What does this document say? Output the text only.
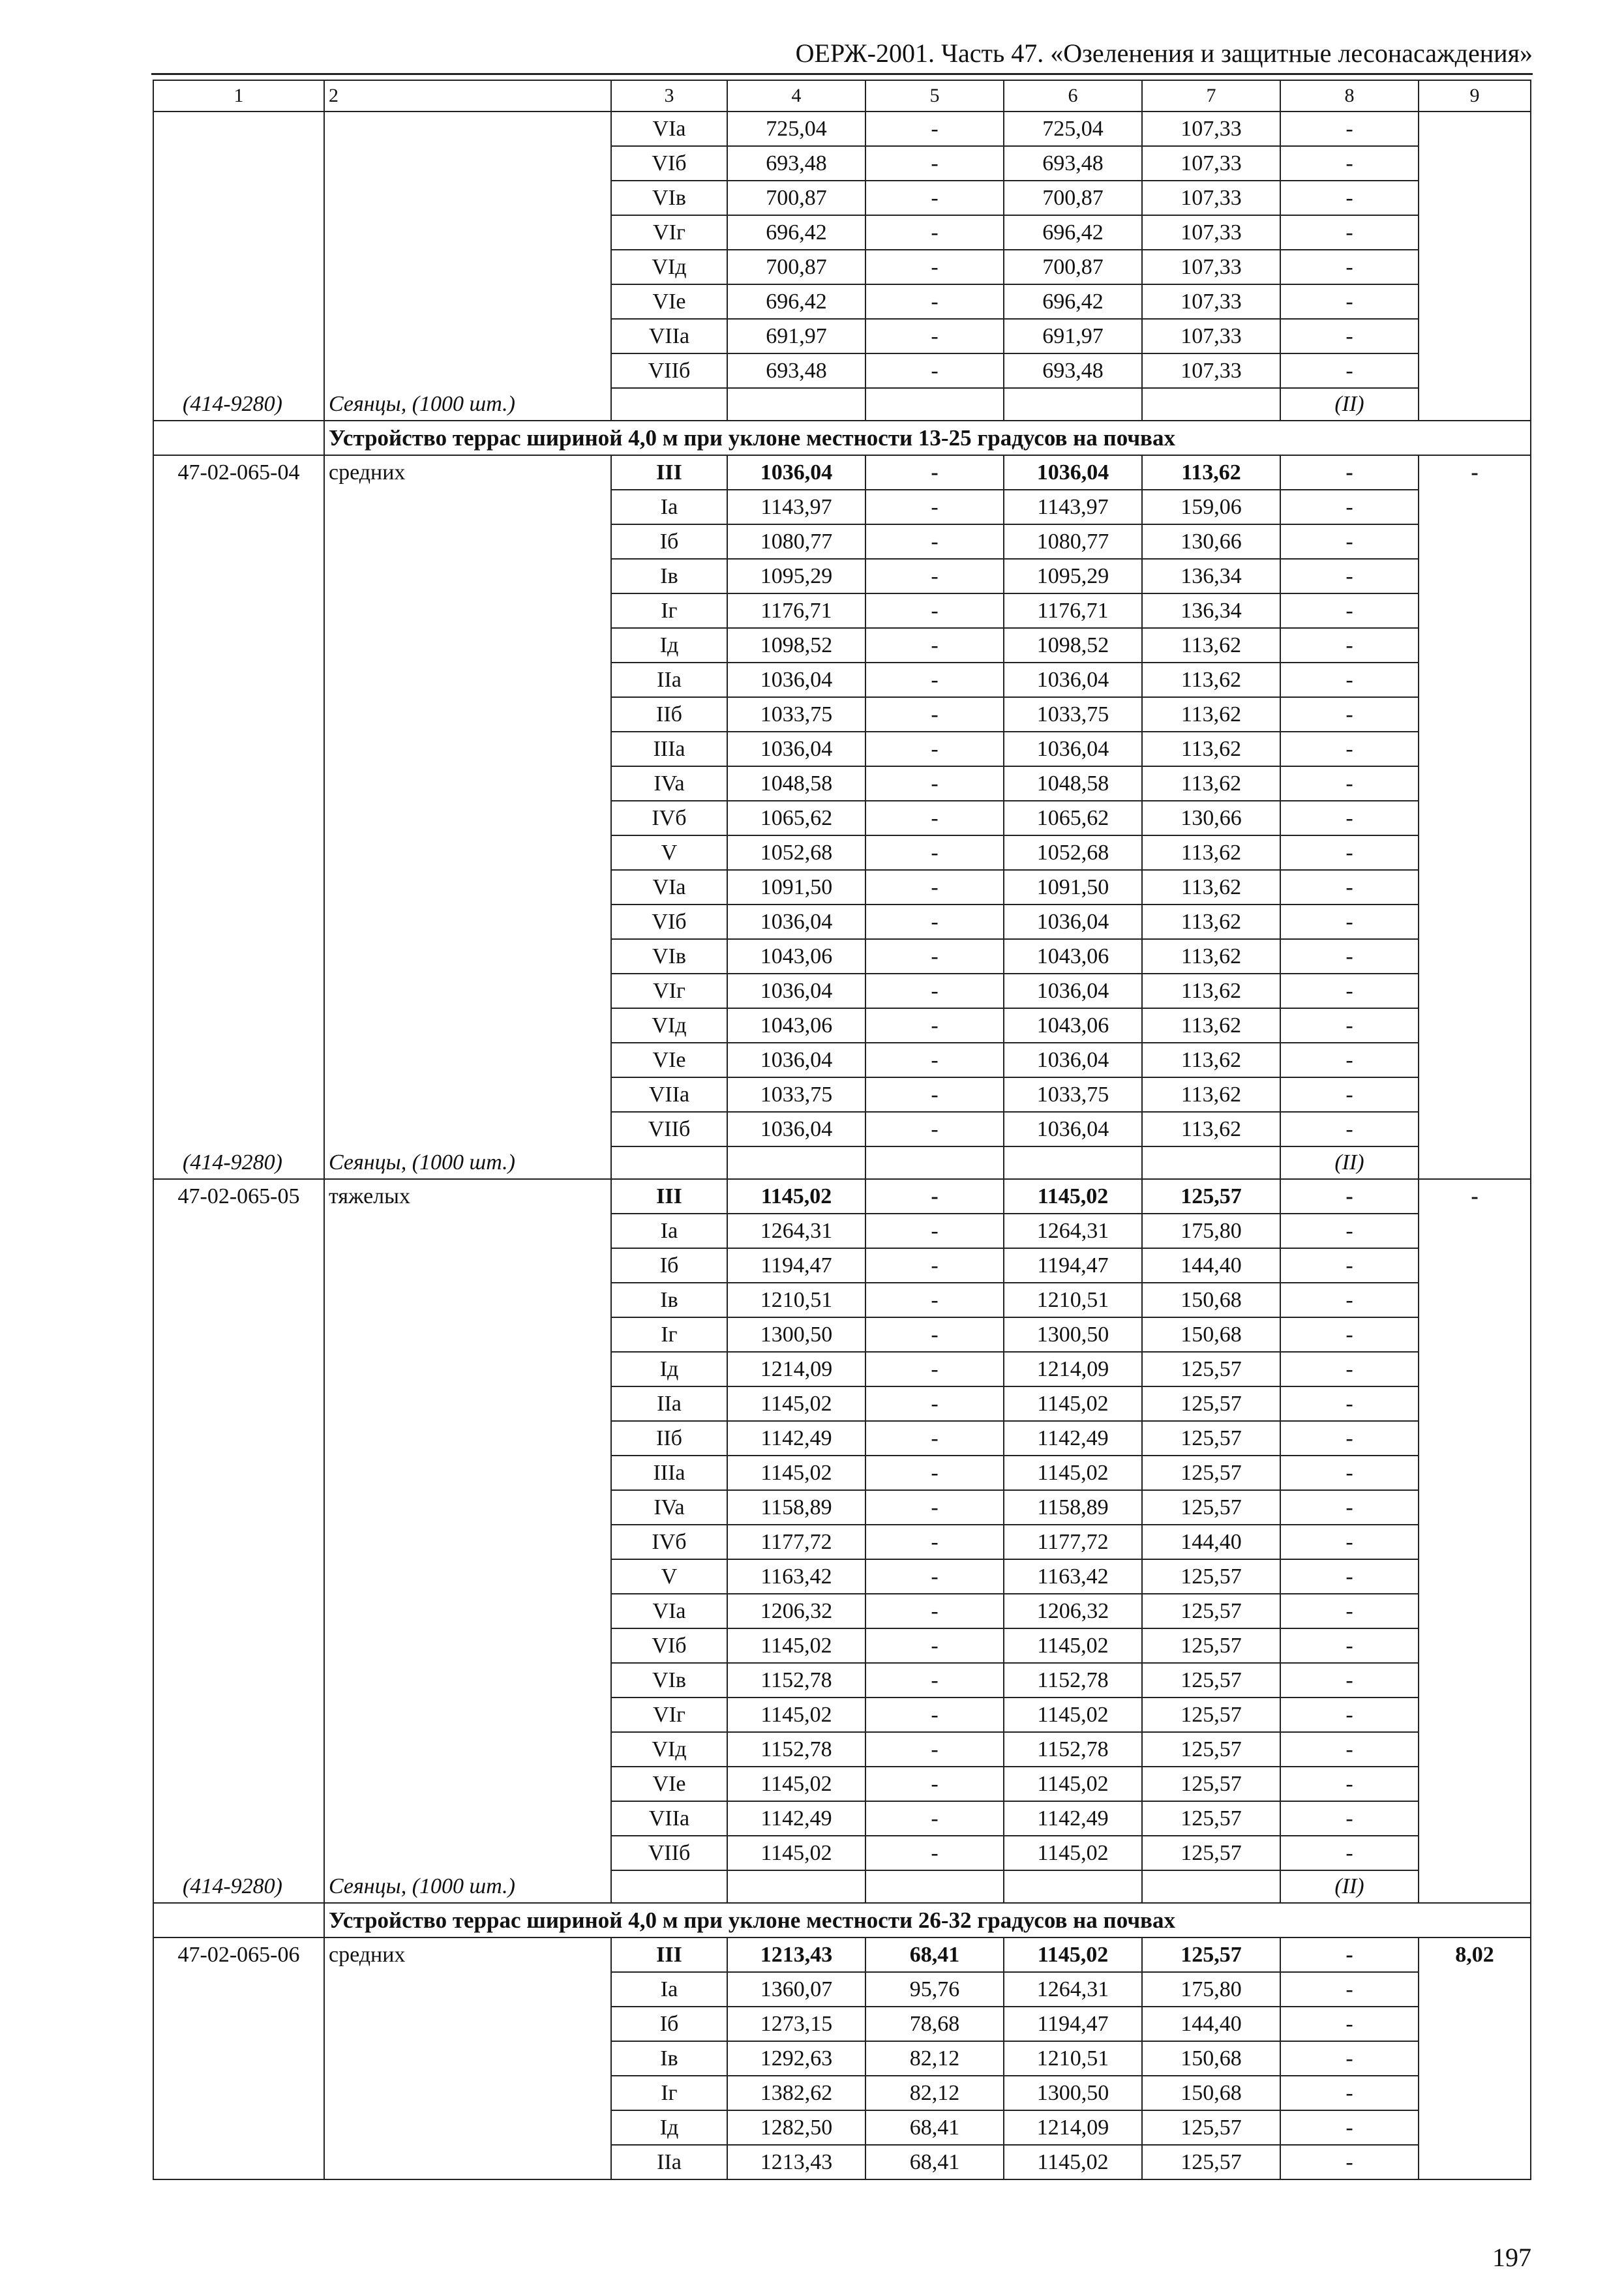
ОЕРЖ-2001. Часть 47. «Озеленения и защитные лесонасаждения»
1	2	3	4	5	6	7	8	9
		VIa	725,04	-	725,04	107,33	-	
		VIб	693,48	-	693,48	107,33	-	
		VIв	700,87	-	700,87	107,33	-	
		VIг	696,42	-	696,42	107,33	-	
		VIд	700,87	-	700,87	107,33	-	
		VIe	696,42	-	696,42	107,33	-	
		VIIa	691,97	-	691,97	107,33	-	
		VIIб	693,48	-	693,48	107,33	-	
(414-9280)	Сеянцы, (1000 шт.)						(II)	
	Устройство террас шириной 4,0 м при уклоне местности 13-25 градусов на почвах							
47-02-065-04	средних	III	1036,04	-	1036,04	113,62	-	-
		Ia	1143,97	-	1143,97	159,06	-	
		Iб	1080,77	-	1080,77	130,66	-	
		Iв	1095,29	-	1095,29	136,34	-	
		Iг	1176,71	-	1176,71	136,34	-	
		Iд	1098,52	-	1098,52	113,62	-	
		IIa	1036,04	-	1036,04	113,62	-	
		IIб	1033,75	-	1033,75	113,62	-	
		IIIa	1036,04	-	1036,04	113,62	-	
		IVa	1048,58	-	1048,58	113,62	-	
		IVб	1065,62	-	1065,62	130,66	-	
		V	1052,68	-	1052,68	113,62	-	
		VIa	1091,50	-	1091,50	113,62	-	
		VIб	1036,04	-	1036,04	113,62	-	
		VIв	1043,06	-	1043,06	113,62	-	
		VIг	1036,04	-	1036,04	113,62	-	
		VIд	1043,06	-	1043,06	113,62	-	
		VIe	1036,04	-	1036,04	113,62	-	
		VIIa	1033,75	-	1033,75	113,62	-	
		VIIб	1036,04	-	1036,04	113,62	-	
(414-9280)	Сеянцы, (1000 шт.)						(II)	
47-02-065-05	тяжелых	III	1145,02	-	1145,02	125,57	-	-
		Ia	1264,31	-	1264,31	175,80	-	
		Iб	1194,47	-	1194,47	144,40	-	
		Iв	1210,51	-	1210,51	150,68	-	
		Iг	1300,50	-	1300,50	150,68	-	
		Iд	1214,09	-	1214,09	125,57	-	
		IIa	1145,02	-	1145,02	125,57	-	
		IIб	1142,49	-	1142,49	125,57	-	
		IIIa	1145,02	-	1145,02	125,57	-	
		IVa	1158,89	-	1158,89	125,57	-	
		IVб	1177,72	-	1177,72	144,40	-	
		V	1163,42	-	1163,42	125,57	-	
		VIa	1206,32	-	1206,32	125,57	-	
		VIб	1145,02	-	1145,02	125,57	-	
		VIв	1152,78	-	1152,78	125,57	-	
		VIг	1145,02	-	1145,02	125,57	-	
		VIд	1152,78	-	1152,78	125,57	-	
		VIe	1145,02	-	1145,02	125,57	-	
		VIIa	1142,49	-	1142,49	125,57	-	
		VIIб	1145,02	-	1145,02	125,57	-	
(414-9280)	Сеянцы, (1000 шт.)						(II)	
	Устройство террас шириной 4,0 м при уклоне местности 26-32 градусов на почвах							
47-02-065-06	средних	III	1213,43	68,41	1145,02	125,57	-	8,02
		Ia	1360,07	95,76	1264,31	175,80	-	
		Iб	1273,15	78,68	1194,47	144,40	-	
		Iв	1292,63	82,12	1210,51	150,68	-	
		Iг	1382,62	82,12	1300,50	150,68	-	
		Iд	1282,50	68,41	1214,09	125,57	-	
		IIa	1213,43	68,41	1145,02	125,57	-	
197
